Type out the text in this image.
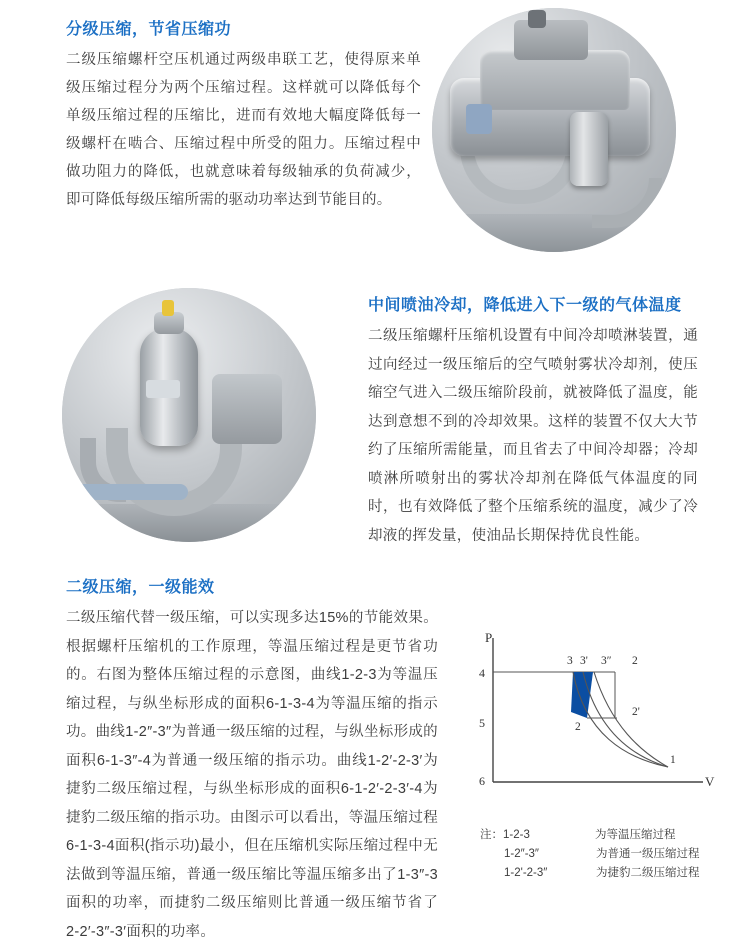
分级压缩，节省压缩功
二级压缩螺杆空压机通过两级串联工艺，使得原来单级压缩过程分为两个压缩过程。这样就可以降低每个单级压缩过程的压缩比，进而有效地大幅度降低每一级螺杆在啮合、压缩过程中所受的阻力。压缩过程中做功阻力的降低，也就意味着每级轴承的负荷减少，即可降低每级压缩所需的驱动功率达到节能目的。
中间喷油冷却，降低进入下一级的气体温度
二级压缩螺杆压缩机设置有中间冷却喷淋装置，通过向经过一级压缩后的空气喷射雾状冷却剂，使压缩空气进入二级压缩阶段前，就被降低了温度，能达到意想不到的冷却效果。这样的装置不仅大大节约了压缩所需能量，而且省去了中间冷却器；冷却喷淋所喷射出的雾状冷却剂在降低气体温度的同时，也有效降低了整个压缩系统的温度，减少了冷却液的挥发量，使油品长期保持优良性能。
二级压缩，一级能效
二级压缩代替一级压缩，可以实现多达15%的节能效果。根据螺杆压缩机的工作原理，等温压缩过程是更节省功的。右图为整体压缩过程的示意图，曲线1-2-3为等温压缩过程，与纵坐标形成的面积6-1-3-4为等温压缩的指示功。曲线1-2″-3″为普通一级压缩的过程，与纵坐标形成的面积6-1-3″-4为普通一级压缩的指示功。曲线1-2′-2-3′为捷豹二级压缩过程，与纵坐标形成的面积6-1-2′-2-3′-4为捷豹二级压缩的指示功。由图示可以看出，等温压缩过程 6-1-3-4面积(指示功)最小，但在压缩机实际压缩过程中无法做到等温压缩，普通一级压缩比等温压缩多出了1-3″-3 面积的功率，而捷豹二级压缩则比普通一级压缩节省了 2-2′-3″-3′面积的功率。
P
V
4
5
6
3 3' 3″ 2
2'
2
1
注：1-2-3	为等温压缩过程
1-2″-3″	为普通一级压缩过程
1-2'-2-3″	为捷豹二级压缩过程
